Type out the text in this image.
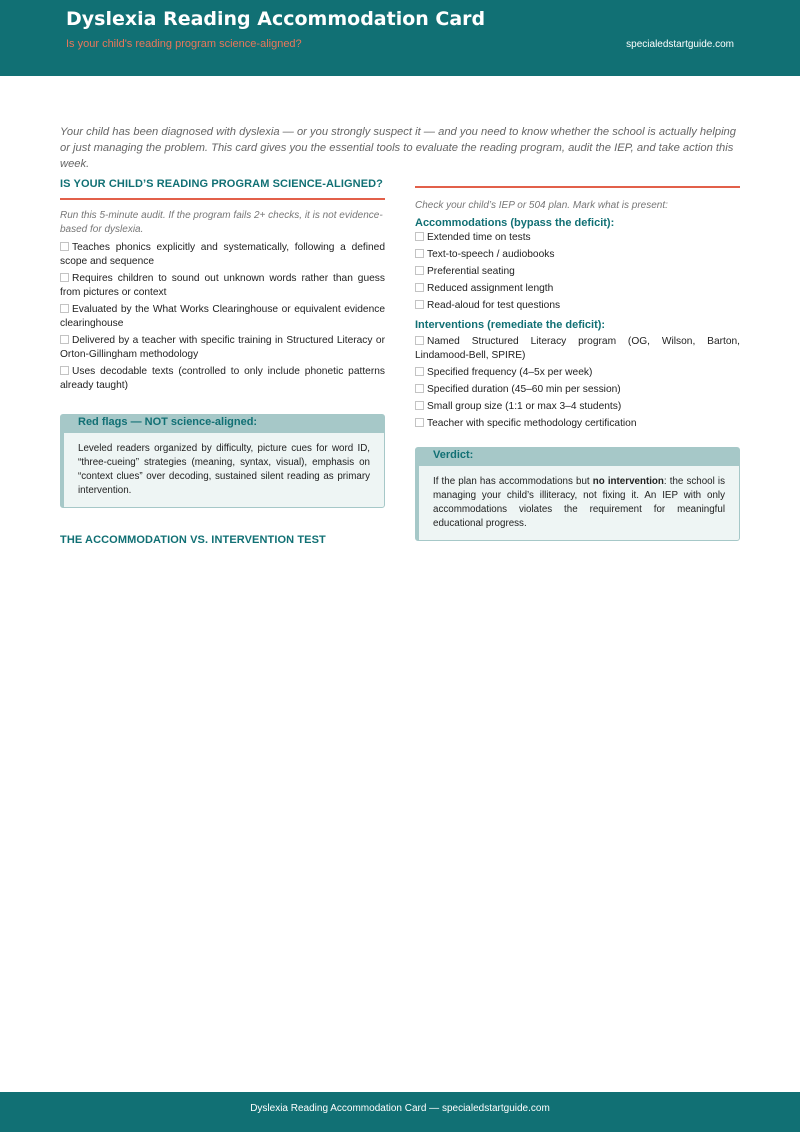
Dyslexia Reading Accommodation Card
Is your child's reading program science-aligned?	specialedstartguide.com

Your child has been diagnosed with dyslexia — or you strongly suspect it — and you need to know whether the school is actually helping or just managing the problem. This card gives you the essential tools to evaluate the reading program, audit the IEP, and take action this week.

IS YOUR CHILD’S READING PROGRAM SCIENCE-ALIGNED?

Run this 5-minute audit. If the program fails 2+ checks, it is not evidence-based for dyslexia.

Teaches phonics explicitly and systematically, following a defined scope and sequence
Requires children to sound out unknown words rather than guess from pictures or context
Evaluated by the What Works Clearinghouse or equivalent evidence clearinghouse
Delivered by a teacher with specific training in Structured Literacy or Orton-Gillingham methodology
Uses decodable texts (controlled to only include phonetic patterns already taught)
Red flags — NOT science-aligned:
Leveled readers organized by difficulty, picture cues for word ID, “three-cueing” strategies (meaning, syntax, visual), emphasis on “context clues” over decoding, sustained silent reading as primary intervention.
THE ACCOMMODATION VS. INTERVENTION TEST

Check your child’s IEP or 504 plan. Mark what is present:

Accommodations (bypass the deficit):
Extended time on tests
Text-to-speech / audiobooks
Preferential seating
Reduced assignment length
Read-aloud for test questions
Interventions (remediate the deficit):
Named Structured Literacy program (OG, Wilson, Barton, Lindamood-Bell, SPIRE)
Specified frequency (4–5x per week)
Specified duration (45–60 min per session)
Small group size (1:1 or max 3–4 students)
Teacher with specific methodology certification
Verdict:
If the plan has accommodations but no intervention: the school is managing your child’s illiteracy, not fixing it. An IEP with only accommodations violates the requirement for meaningful educational progress.
Dyslexia Reading Accommodation Card — specialedstartguide.com
